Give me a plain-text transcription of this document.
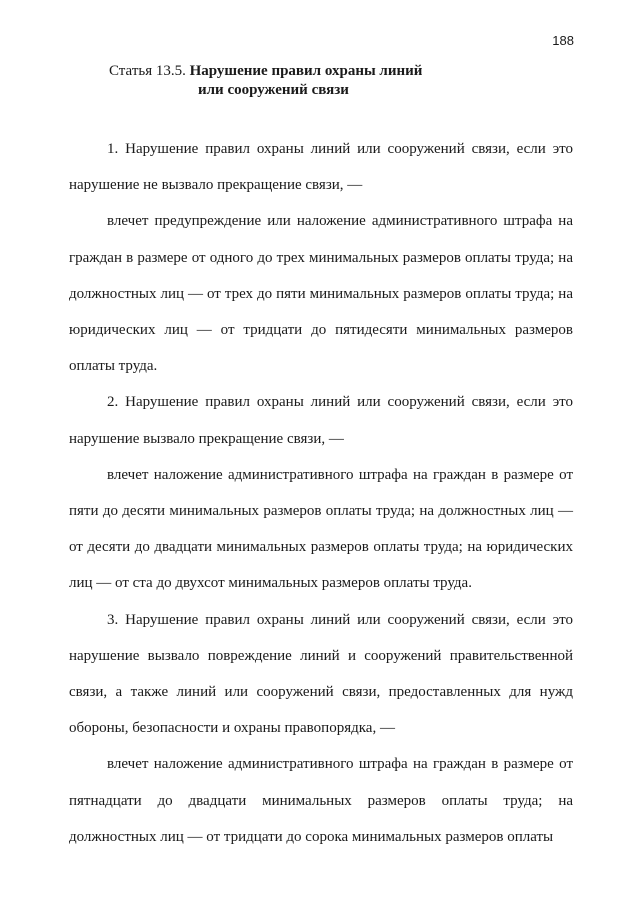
188
Статья 13.5. Нарушение правил охраны линий
или сооружений связи

1. Нарушение правил охраны линий или сооружений связи, если это нарушение не вызвало прекращение связи, —

влечет предупреждение или наложение административного штрафа на граждан в размере от одного до трех минимальных размеров оплаты труда; на должностных лиц — от трех до пяти минимальных размеров оплаты труда; на юридических лиц — от тридцати до пятидесяти минимальных размеров оплаты труда.

2. Нарушение правил охраны линий или сооружений связи, если это нарушение вызвало прекращение связи, —

влечет наложение административного штрафа на граждан в размере от пяти до десяти минимальных размеров оплаты труда; на должностных лиц — от десяти до двадцати минимальных размеров оплаты труда; на юридических лиц — от ста до двухсот минимальных размеров оплаты труда.

3. Нарушение правил охраны линий или сооружений связи, если это нарушение вызвало повреждение линий и сооружений правительственной связи, а также линий или сооружений связи, предоставленных для нужд обороны, безопасности и охраны правопорядка, —

влечет наложение административного штрафа на граждан в размере от пятнадцати до двадцати минимальных размеров оплаты труда; на должностных лиц — от тридцати до сорока минимальных размеров оплаты
